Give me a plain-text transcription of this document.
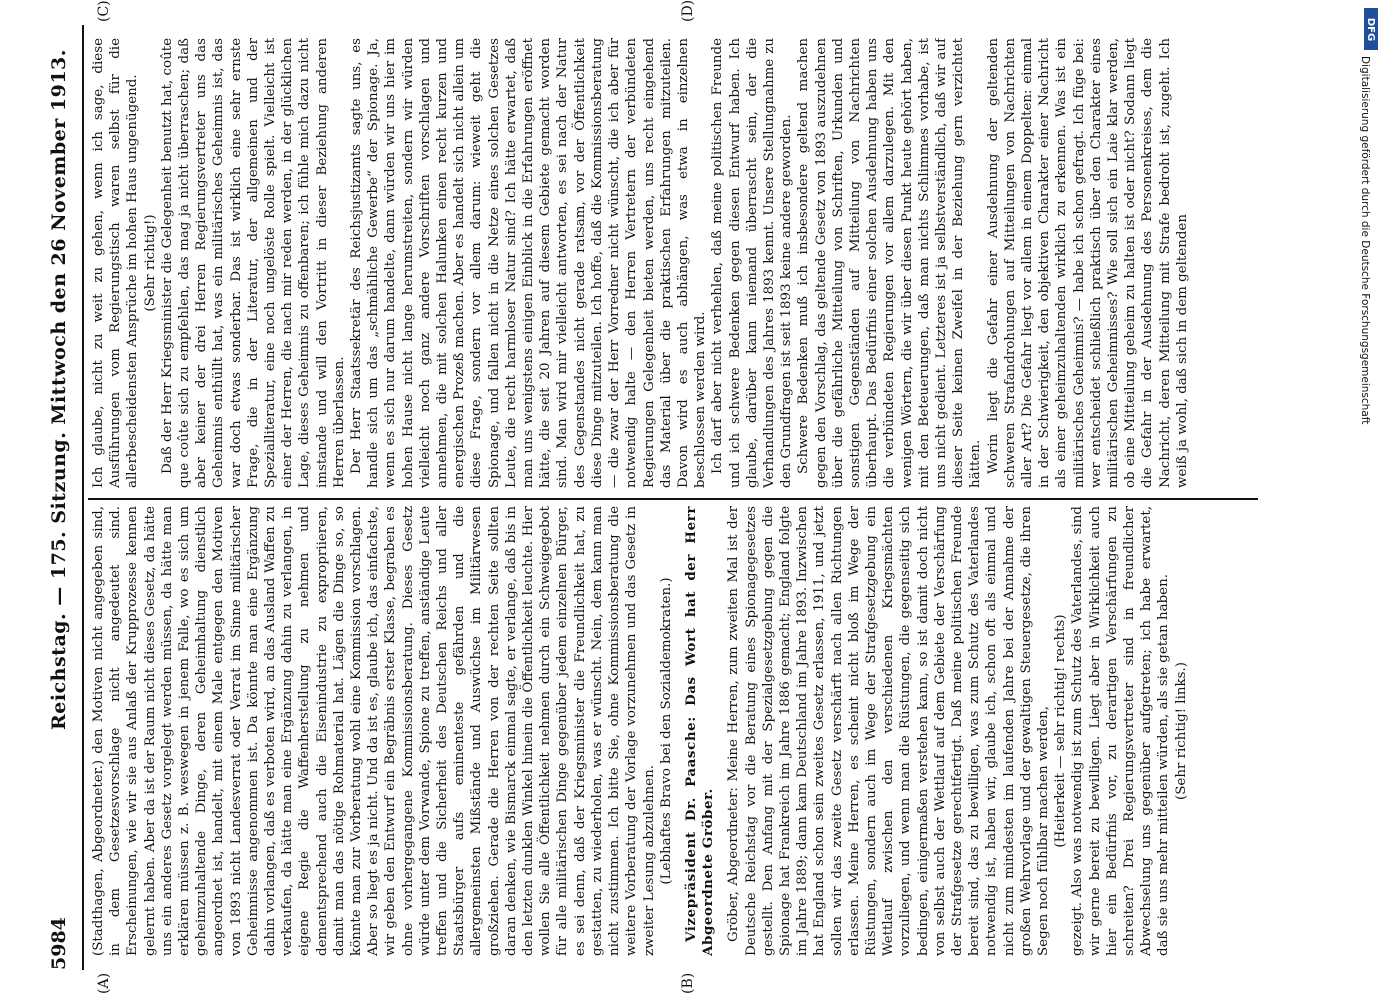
5984
Reichstag. — 175. Sitzung. Mittwoch den 26 November 1913.
(A)	(B)
(C)	(D)

(Stadthagen, Abgeordneter.) den Motiven nicht angegeben sind, in dem Gesetzesvorschlage nicht angedeutet sind. Erscheinungen, wie wir sie aus Anlaß der Krupprozesse kennen gelernt haben. Aber da ist der Raum nicht dieses Gesetz, da hätte uns ein anderes Gesetz vorgelegt werden müssen, da hätte man erklären müssen z. B. weswegen in jenem Falle, wo es sich um geheimzuhaltende Dinge, deren Geheimhaltung dienstlich angeordnet ist, handelt, mit einem Male entgegen den Motiven von 1893 nicht Landesverrat oder Verrat im Sinne militärischer Geheimnisse angenommen ist. Da könnte man eine Ergänzung dahin vorlangen, daß es verboten wird, an das Ausland Waffen zu verkaufen, da hätte man eine Ergänzung dahin zu verlangen, in eigene Regie die Waffenherstellung zu nehmen und dementsprechend auch die Eisenindustrie zu expropriieren, damit man das nötige Rohmaterial hat. Lägen die Dinge so, so könnte man zur Vorberatung wohl eine Kommission vorschlagen. Aber so liegt es ja nicht. Und da ist es, glaube ich, das einfachste, wir geben den Entwurf ein Begräbnis erster Klasse, begraben es ohne vorhergegangene Kommissionsberatung. Dieses Gesetz würde unter dem Vorwande, Spione zu treffen, anständige Leute treffen und die Sicherheit des Deutschen Reichs und aller Staatsbürger aufs eminenteste gefährden und die allergemeinsten Mißstände und Auswüchse im Militärwesen großziehen. Gerade die Herren von der rechten Seite sollten daran denken, wie Bismarck einmal sagte, er verlange, daß bis in den letzten dunklen Winkel hinein die Öffentlichkeit leuchte. Hier wollen Sie alle Öffentlichkeit nehmen durch ein Schweigegebot für alle militärischen Dinge gegenüber jedem einzelnen Bürger, es sei denn, daß der Kriegsminister die Freundlichkeit hat, zu gestatten, zu wiederholen, was er wünscht. Nein, dem kann man nicht zustimmen. Ich bitte Sie, ohne Kommissionsberatung die weitere Vorberatung der Vorlage vorzunehmen und das Gesetz in zweiter Lesung abzulehnen. (Lebhaftes Bravo bei den Sozialdemokraten.) Vizepräsident Dr. Paasche: Das Wort hat der Herr Abgeordnete Gröber. Gröber, Abgeordneter: Meine Herren, zum zweiten Mal ist der Deutsche Reichstag vor die Beratung eines Spionagegesetzes gestellt. Den Anfang mit der Spezialgesetzgebung gegen die Spionage hat Frankreich im Jahre 1886 gemacht; England folgte im Jahre 1889; dann kam Deutschland im Jahre 1893. Inzwischen hat England schon sein zweites Gesetz erlassen, 1911, und jetzt sollen wir das zweite Gesetz verschärft nach allen Richtungen erlassen. Meine Herren, es scheint nicht bloß im Wege der Rüstungen, sondern auch im Wege der Strafgesetzgebung ein Wettlauf zwischen den verschiedenen Kriegsmächten vorzuliegen, und wenn man die Rüstungen, die gegenseitig sich bedingen, einigermaßen verstehen kann, so ist damit doch nicht von selbst auch der Wettlauf auf dem Gebiete der Verschärfung der Strafgesetze gerechtfertigt. Daß meine politischen Freunde bereit sind, das zu bewilligen, was zum Schutz des Vaterlandes notwendig ist, haben wir, glaube ich, schon oft als einmal und nicht zum mindesten im laufenden Jahre bei der Annahme der großen Wehrvorlage und der gewaltigen Steuergesetze, die ihren Segen noch fühlbar machen werden, (Heiterkeit — sehr richtig! rechts) gezeigt. Also was notwendig ist zum Schutz des Vaterlandes, sind wir gerne bereit zu bewilligen. Liegt aber in Wirklichkeit auch hier ein Bedürfnis vor, zu derartigen Verschärfungen zu schreiten? Drei Regierungsvertreter sind in freundlicher Abwechselung uns gegenüber aufgetreten; ich habe erwartet, daß sie uns mehr mitteilen würden, als sie getan haben. (Sehr richtig! links.)

Ich glaube, nicht zu weit zu gehen, wenn ich sage, diese Ausführungen vom Regierungstisch waren selbst für die allerbescheidensten Ansprüche im hohen Haus ungenügend. (Sehr richtig!) Daß der Herr Kriegsminister die Gelegenheit benutzt hat, coûte que coûte sich zu empfehlen, das mag ja nicht überraschen; daß aber keiner der drei Herren Regierungsvertreter uns das Geheimnis enthüllt hat, was ein militärisches Geheimnis ist, das war doch etwas sonderbar. Das ist wirklich eine sehr ernste Frage, die in der Literatur, der allgemeinen und der Spezialliteratur, eine noch ungelöste Rolle spielt. Vielleicht ist einer der Herren, die nach mir reden werden, in der glücklichen Lage, dieses Geheimnis zu offenbaren; ich fühle mich dazu nicht imstande und will den Vortritt in dieser Beziehung anderen Herren überlassen. Der Herr Staatssekretär des Reichsjustizamts sagte uns, es handle sich um das „schmähliche Gewerbe“ der Spionage. Ja, wenn es sich nur darum handelte, dann würden wir uns hier im hohen Hause nicht lange herumstreiten, sondern wir würden vielleicht noch ganz andere Vorschriften vorschlagen und annehmen, die mit solchen Halunken einen recht kurzen und energischen Prozeß machen. Aber es handelt sich nicht allein um diese Frage, sondern vor allem darum: wieweit geht die Spionage, und fallen nicht in die Netze eines solchen Gesetzes Leute, die recht harmloser Natur sind? Ich hätte erwartet, daß man uns wenigstens einigen Einblick in die Erfahrungen eröffnet hätte, die seit 20 Jahren auf diesem Gebiete gemacht worden sind. Man wird mir vielleicht antworten, es sei nach der Natur des Gegenstandes nicht gerade ratsam, vor der Öffentlichkeit diese Dinge mitzuteilen. Ich hoffe, daß die Kommissionsberatung — die zwar der Herr Vorredner nicht wünscht, die ich aber für notwendig halte — den Herren Vertretern der verbündeten Regierungen Gelegenheit bieten werden, uns recht eingehend das Material über die praktischen Erfahrungen mitzuteilen. Davon wird es auch abhängen, was etwa in einzelnen beschlossen werden wird. Ich darf aber nicht verhehlen, daß meine politischen Freunde und ich schwere Bedenken gegen diesen Entwurf haben. Ich glaube, darüber kann niemand überrascht sein, der die Verhandlungen des Jahres 1893 kennt. Unsere Stellungnahme zu den Grundfragen ist seit 1893 keine andere geworden. Schwere Bedenken muß ich insbesondere geltend machen gegen den Vorschlag, das geltende Gesetz von 1893 auszudehnen über die gefährliche Mitteilung von Schriften, Urkunden und sonstigen Gegenständen auf Mitteilung von Nachrichten überhaupt. Das Bedürfnis einer solchen Ausdehnung haben uns die verbündeten Regierungen vor allem darzulegen. Mit den wenigen Wörtern, die wir über diesen Punkt heute gehört haben, mit den Beteuerungen, daß man nichts Schlimmes vorhabe, ist uns nicht gedient. Letzteres ist ja selbstverständlich, daß wir auf dieser Seite keinen Zweifel in der Beziehung gern verzichtet hätten. Worin liegt die Gefahr einer Ausdehnung der geltenden schweren Strafandrohungen auf Mitteilungen von Nachrichten aller Art? Die Gefahr liegt vor allem in einem Doppelten: einmal in der Schwierigkeit, den objektiven Charakter einer Nachricht als einer geheimzuhaltenden wirklich zu erkennen. Was ist ein militärisches Geheimnis? — habe ich schon gefragt. Ich füge bei: wer entscheidet schließlich praktisch über den Charakter eines militärischen Geheimnisses? Wie soll sich ein Laie klar werden, ob eine Mitteilung geheim zu halten ist oder nicht? Sodann liegt die Gefahr in der Ausdehnung des Personenkreises, dem die Nachricht, deren Mitteilung mit Strafe bedroht ist, zugeht. Ich weiß ja wohl, daß sich in dem geltenden

DFG
Digitalisierung gefördert durch die Deutsche Forschungsgemeinschaft
